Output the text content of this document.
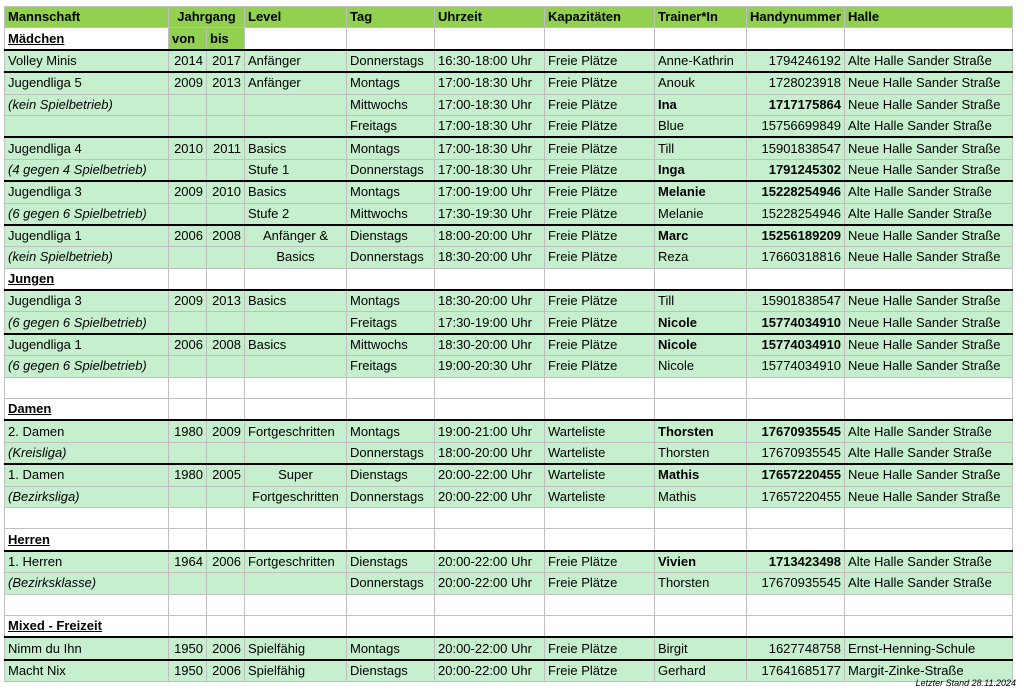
Mannschaft	Jahrgang		Level	Tag	Uhrzeit	Kapazitäten	Trainer*In	Handynummer	Halle
Mädchen	von	bis							
Volley Minis	2014	2017	Anfänger	Donnerstags	16:30-18:00 Uhr	Freie Plätze	Anne-Kathrin	1794246192	Alte Halle Sander Straße
Jugendliga 5	2009	2013	Anfänger	Montags	17:00-18:30 Uhr	Freie Plätze	Anouk	1728023918	Neue Halle Sander Straße
(kein Spielbetrieb)				Mittwochs	17:00-18:30 Uhr	Freie Plätze	Ina	1717175864	Neue Halle Sander Straße
				Freitags	17:00-18:30 Uhr	Freie Plätze	Blue	15756699849	Alte Halle Sander Straße
Jugendliga 4	2010	2011	Basics	Montags	17:00-18:30 Uhr	Freie Plätze	Till	15901838547	Neue Halle Sander Straße
(4 gegen 4 Spielbetrieb)			Stufe 1	Donnerstags	17:00-18:30 Uhr	Freie Plätze	Inga	1791245302	Neue Halle Sander Straße
Jugendliga 3	2009	2010	Basics	Montags	17:00-19:00 Uhr	Freie Plätze	Melanie	15228254946	Alte Halle Sander Straße
(6 gegen 6 Spielbetrieb)			Stufe 2	Mittwochs	17:30-19:30 Uhr	Freie Plätze	Melanie	15228254946	Alte Halle Sander Straße
Jugendliga 1	2006	2008	Anfänger &	Dienstags	18:00-20:00 Uhr	Freie Plätze	Marc	15256189209	Neue Halle Sander Straße
(kein Spielbetrieb)			Basics	Donnerstags	18:30-20:00 Uhr	Freie Plätze	Reza	17660318816	Neue Halle Sander Straße
Jungen									
Jugendliga 3	2009	2013	Basics	Montags	18:30-20:00 Uhr	Freie Plätze	Till	15901838547	Neue Halle Sander Straße
(6 gegen 6 Spielbetrieb)				Freitags	17:30-19:00 Uhr	Freie Plätze	Nicole	15774034910	Neue Halle Sander Straße
Jugendliga 1	2006	2008	Basics	Mittwochs	18:30-20:00 Uhr	Freie Plätze	Nicole	15774034910	Neue Halle Sander Straße
(6 gegen 6 Spielbetrieb)				Freitags	19:00-20:30 Uhr	Freie Plätze	Nicole	15774034910	Neue Halle Sander Straße

Damen									
2. Damen	1980	2009	Fortgeschritten	Montags	19:00-21:00 Uhr	Warteliste	Thorsten	17670935545	Alte Halle Sander Straße
(Kreisliga)				Donnerstags	18:00-20:00 Uhr	Warteliste	Thorsten	17670935545	Alte Halle Sander Straße
1. Damen	1980	2005	Super	Dienstags	20:00-22:00 Uhr	Warteliste	Mathis	17657220455	Neue Halle Sander Straße
(Bezirksliga)			Fortgeschritten	Donnerstags	20:00-22:00 Uhr	Warteliste	Mathis	17657220455	Neue Halle Sander Straße

Herren									
1. Herren	1964	2006	Fortgeschritten	Dienstags	20:00-22:00 Uhr	Freie Plätze	Vivien	1713423498	Alte Halle Sander Straße
(Bezirksklasse)				Donnerstags	20:00-22:00 Uhr	Freie Plätze	Thorsten	17670935545	Alte Halle Sander Straße

Mixed - Freizeit									
Nimm du Ihn	1950	2006	Spielfähig	Montags	20:00-22:00 Uhr	Freie Plätze	Birgit	1627748758	Ernst-Henning-Schule
Macht Nix	1950	2006	Spielfähig	Dienstags	20:00-22:00 Uhr	Freie Plätze	Gerhard	17641685177	Margit-Zinke-Straße
Letzter Stand 28.11.2024
